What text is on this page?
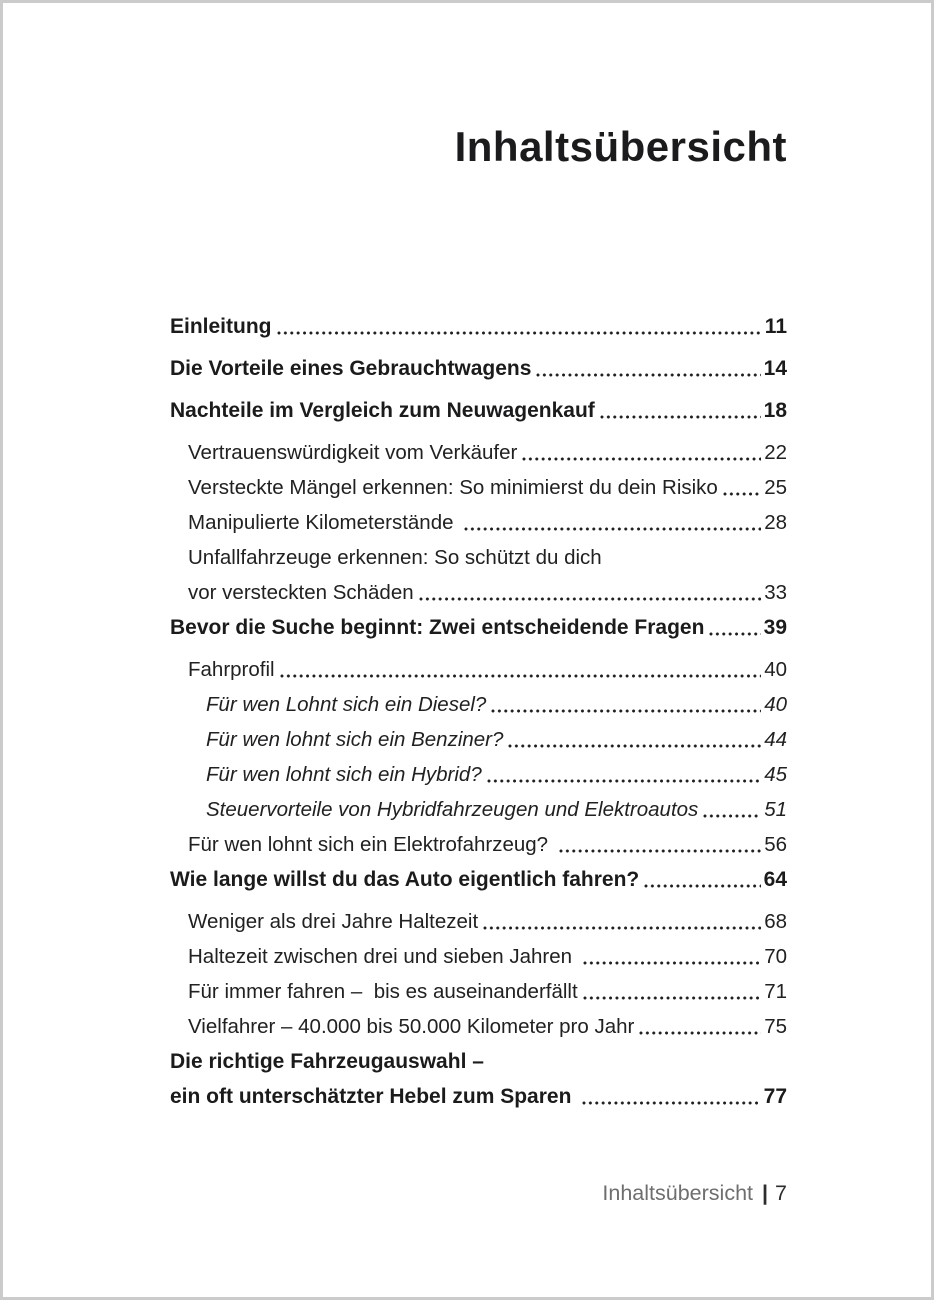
Inhaltsübersicht
Einleitung	11
Die Vorteile eines Gebrauchtwagens	14
Nachteile im Vergleich zum Neuwagenkauf	18
Vertrauenswürdigkeit vom Verkäufer	22
Versteckte Mängel erkennen: So minimierst du dein Risiko 25
Manipulierte Kilometerstände	28
Unfallfahrzeuge erkennen: So schützt du dich
vor versteckten Schäden	33
Bevor die Suche beginnt: Zwei entscheidende Fragen	39
Fahrprofil	40
Für wen Lohnt sich ein Diesel?	40
Für wen lohnt sich ein Benziner?	44
Für wen lohnt sich ein Hybrid?	45
Steuervorteile von Hybridfahrzeugen und Elektroautos	51
Für wen lohnt sich ein Elektrofahrzeug?	56
Wie lange willst du das Auto eigentlich fahren?	64
Weniger als drei Jahre Haltezeit	68
Haltezeit zwischen drei und sieben Jahren	70
Für immer fahren –  bis es auseinanderfällt	71
Vielfahrer – 40.000 bis 50.000 Kilometer pro Jahr	75
Die richtige Fahrzeugauswahl –
ein oft unterschätzter Hebel zum Sparen	77
Inhaltsübersicht | 7
